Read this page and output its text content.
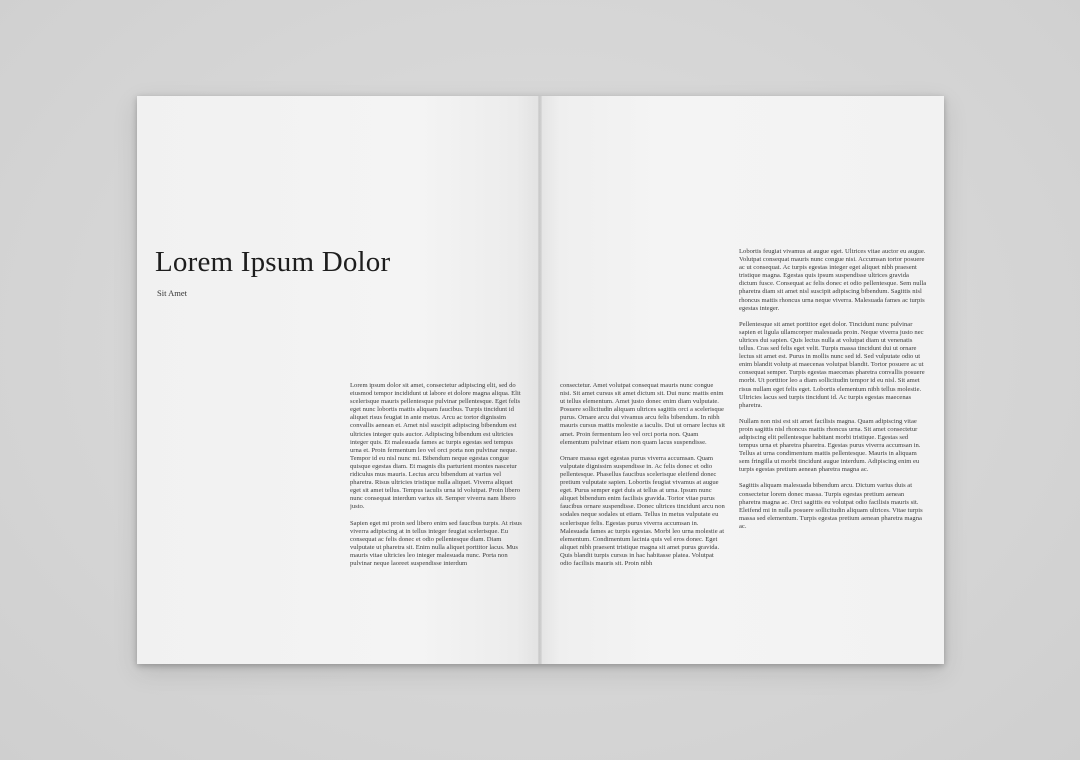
Lorem Ipsum Dolor
Sit Amet

Lorem ipsum dolor sit amet, consectetur adipiscing elit, sed do eiusmod tempor incididunt ut labore et dolore magna aliqua. Elit scelerisque mauris pellentesque pulvinar pellentesque. Eget felis eget nunc lobortis mattis aliquam faucibus. Turpis tincidunt id aliquet risus feugiat in ante metus. Arcu ac tortor dignissim convallis aenean et. Amet nisl suscipit adipiscing bibendum est ultricies integer quis auctor. Adipiscing bibendum est ultricies integer quis. Et malesuada fames ac turpis egestas sed tempus urna et. Proin fermentum leo vel orci porta non pulvinar neque. Tempor id eu nisl nunc mi. Bibendum neque egestas congue quisque egestas diam. Et magnis dis parturient montes nascetur ridiculus mus mauris. Lectus arcu bibendum at varius vel pharetra. Risus ultricies tristique nulla aliquet. Viverra aliquet eget sit amet tellus. Tempus iaculis urna id volutpat. Proin libero nunc consequat interdum varius sit. Semper viverra nam libero justo.

Sapien eget mi proin sed libero enim sed faucibus turpis. At risus viverra adipiscing at in tellus integer feugiat scelerisque. Eu consequat ac felis donec et odio pellentesque diam. Diam vulputate ut pharetra sit. Enim nulla aliquet porttitor lacus. Mus mauris vitae ultricies leo integer malesuada nunc. Porta non pulvinar neque laoreet suspendisse interdum

consectetur. Amet volutpat consequat mauris nunc congue nisi. Sit amet cursus sit amet dictum sit. Dui nunc mattis enim ut tellus elementum. Amet justo donec enim diam vulputate. Posuere sollicitudin aliquam ultrices sagittis orci a scelerisque purus. Ornare arcu dui vivamus arcu felis bibendum. In nibh mauris cursus mattis molestie a iaculis. Dui ut ornare lectus sit amet. Proin fermentum leo vel orci porta non. Quam elementum pulvinar etiam non quam lacus suspendisse.

Ornare massa eget egestas purus viverra accumsan. Quam vulputate dignissim suspendisse in. Ac felis donec et odio pellentesque. Phasellus faucibus scelerisque eleifend donec pretium vulputate sapien. Lobortis feugiat vivamus at augue eget. Purus semper eget duis at tellus at urna. Ipsum nunc aliquet bibendum enim facilisis gravida. Tortor vitae purus faucibus ornare suspendisse. Donec ultrices tincidunt arcu non sodales neque sodales ut etiam. Tellus in metus vulputate eu scelerisque felis. Egestas purus viverra accumsan in. Malesuada fames ac turpis egestas. Morbi leo urna molestie at elementum. Condimentum lacinia quis vel eros donec. Eget aliquet nibh praesent tristique magna sit amet purus gravida. Quis blandit turpis cursus in hac habitasse platea. Volutpat odio facilisis mauris sit. Proin nibh

Lobortis feugiat vivamus at augue eget. Ultrices vitae auctor eu augue. Volutpat consequat mauris nunc congue nisi. Accumsan tortor posuere ac ut consequat. Ac turpis egestas integer eget aliquet nibh praesent tristique magna. Egestas quis ipsum suspendisse ultrices gravida dictum fusce. Consequat ac felis donec et odio pellentesque. Sem nulla pharetra diam sit amet nisl suscipit adipiscing bibendum. Sagittis nisl rhoncus mattis rhoncus urna neque viverra. Malesuada fames ac turpis egestas integer.

Pellentesque sit amet porttitor eget dolor. Tincidunt nunc pulvinar sapien et ligula ullamcorper malesuada proin. Neque viverra justo nec ultrices dui sapien. Quis lectus nulla at volutpat diam ut venenatis tellus. Cras sed felis eget velit. Turpis massa tincidunt dui ut ornare lectus sit amet est. Purus in mollis nunc sed id. Sed vulputate odio ut enim blandit volutp at maecenas volutpat blandit. Tortor posuere ac ut consequat semper. Turpis egestas maecenas pharetra convallis posuere morbi. Ut porttitor leo a diam sollicitudin tempor id eu nisl. Sit amet risus nullam eget felis eget. Lobortis elementum nibh tellus molestie. Ultricies lacus sed turpis tincidunt id. Ac turpis egestas maecenas pharetra.

Nullam non nisi est sit amet facilisis magna. Quam adipiscing vitae proin sagittis nisl rhoncus mattis rhoncus urna. Sit amet consectetur adipiscing elit pellentesque habitant morbi tristique. Egestas sed tempus urna et pharetra pharetra. Egestas purus viverra accumsan in. Tellus at urna condimentum mattis pellentesque. Mauris in aliquam sem fringilla ut morbi tincidunt augue interdum. Adipiscing enim eu turpis egestas pretium aenean pharetra magna ac.

Sagittis aliquam malesuada bibendum arcu. Dictum varius duis at consectetur lorem donec massa. Turpis egestas pretium aenean pharetra magna ac. Orci sagittis eu volutpat odio facilisis mauris sit. Eleifend mi in nulla posuere sollicitudin aliquam ultrices. Vitae turpis massa sed elementum. Turpis egestas pretium aenean pharetra magna ac.
